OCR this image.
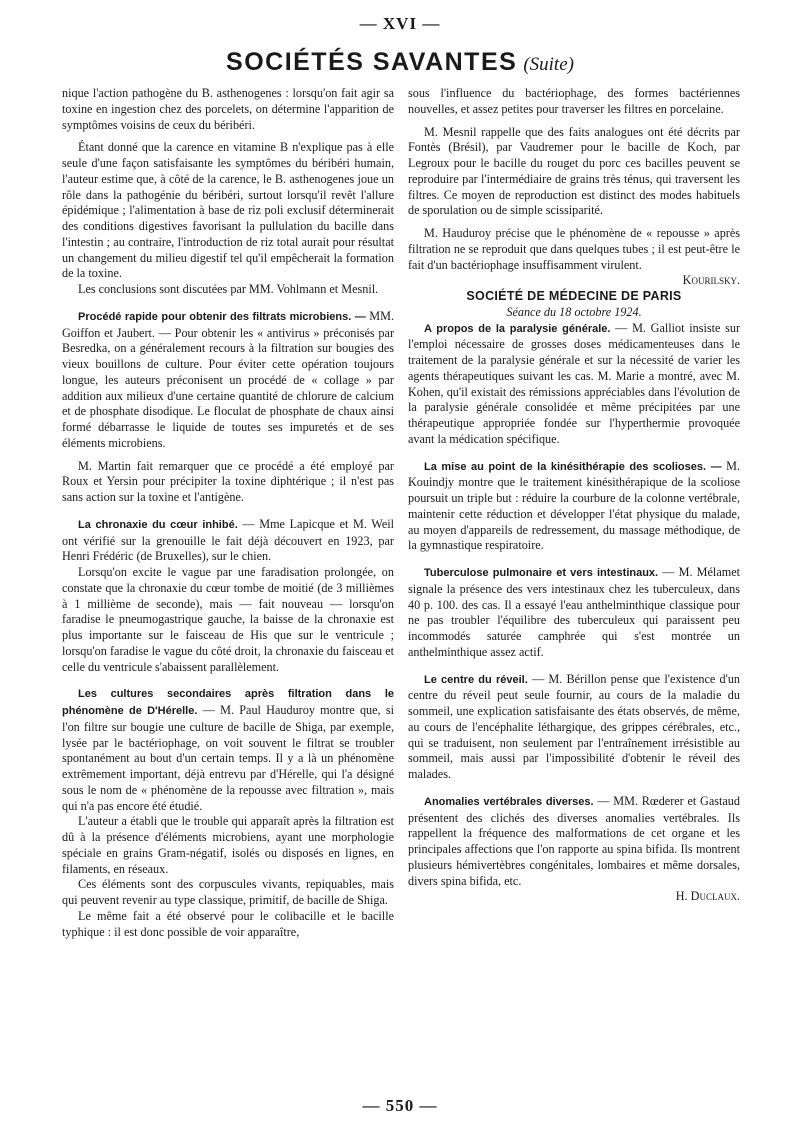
— XVI —
SOCIÉTÉS SAVANTES (Suite)

nique l'action pathogène du B. asthenogenes : lorsqu'on fait agir sa toxine en ingestion chez des porcelets, on détermine l'apparition de symptômes voisins de ceux du béribéri.

Étant donné que la carence en vitamine B n'explique pas à elle seule d'une façon satisfaisante les symptômes du béribéri humain, l'auteur estime que, à côté de la carence, le B. asthenogenes joue un rôle dans la pathogénie du béribéri, surtout lorsqu'il revêt l'allure épidémique ; l'alimentation à base de riz poli exclusif déterminerait des conditions digestives favorisant la pullulation du bacille dans l'intestin ; au contraire, l'introduction de riz total aurait pour résultat un changement du milieu digestif tel qu'il empêcherait la formation de la toxine.

Les conclusions sont discutées par MM. Vohlmann et Mesnil.

Procédé rapide pour obtenir des filtrats microbiens. — MM. Goiffon et Jaubert. — Pour obtenir les « antivirus » préconisés par Besredka, on a généralement recours à la filtration sur bougies des vieux bouillons de culture. Pour éviter cette opération toujours longue, les auteurs préconisent un procédé de « collage » par addition aux milieux d'une certaine quantité de chlorure de calcium et de phosphate disodique. Le floculat de phosphate de chaux ainsi formé débarrasse le liquide de toutes ses impuretés et de ses éléments microbiens.

M. Martin fait remarquer que ce procédé a été employé par Roux et Yersin pour précipiter la toxine diphtérique ; il n'est pas sans action sur la toxine et l'antigène.

La chronaxie du cœur inhibé. — Mme Lapicque et M. Weil ont vérifié sur la grenouille le fait déjà découvert en 1923, par Henri Frédéric (de Bruxelles), sur le chien.

Lorsqu'on excite le vague par une faradisation prolongée, on constate que la chronaxie du cœur tombe de moitié (de 3 millièmes à 1 millième de seconde), mais — fait nouveau — lorsqu'on faradise le pneumogastrique gauche, la baisse de la chronaxie est plus importante sur le faisceau de His que sur le ventricule ; lorsqu'on faradise le vague du côté droit, la chronaxie du faisceau et celle du ventricule s'abaissent parallèlement.

Les cultures secondaires après filtration dans le phénomène de D'Hérelle. — M. Paul Hauduroy montre que, si l'on filtre sur bougie une culture de bacille de Shiga, par exemple, lysée par le bactériophage, on voit souvent le filtrat se troubler spontanément au bout d'un certain temps. Il y a là un phénomène extrêmement important, déjà entrevu par d'Hérelle, qui l'a désigné sous le nom de « phénomène de la repousse avec filtration », mais qui n'a pas encore été étudié.

L'auteur a établi que le trouble qui apparaît après la filtration est dû à la présence d'éléments microbiens, ayant une morphologie spéciale en grains Gram-négatif, isolés ou disposés en lignes, en filaments, en réseaux.

Ces éléments sont des corpuscules vivants, repiquables, mais qui peuvent revenir au type classique, primitif, de bacille de Shiga.

Le même fait a été observé pour le colibacille et le bacille typhique : il est donc possible de voir apparaître,

sous l'influence du bactériophage, des formes bactériennes nouvelles, et assez petites pour traverser les filtres en porcelaine.

M. Mesnil rappelle que des faits analogues ont été décrits par Fontès (Brésil), par Vaudremer pour le bacille de Koch, par Legroux pour le bacille du rouget du porc ces bacilles peuvent se reproduire par l'intermédiaire de grains très ténus, qui traversent les filtres. Ce moyen de reproduction est distinct des modes habituels de sporulation ou de simple scissiparité.

M. Hauduroy précise que le phénomène de « repousse » après filtration ne se reproduit que dans quelques tubes ; il est peut-être le fait d'un bactériophage insuffisamment virulent.

Kourilsky.

SOCIÉTÉ DE MÉDECINE DE PARIS

Séance du 18 octobre 1924.

A propos de la paralysie générale. — M. Galliot insiste sur l'emploi nécessaire de grosses doses médicamenteuses dans le traitement de la paralysie générale et sur la nécessité de varier les agents thérapeutiques suivant les cas. M. Marie a montré, avec M. Kohen, qu'il existait des rémissions appréciables dans l'évolution de la paralysie générale consolidée et même précipitées par une thérapeutique appropriée fondée sur l'hyperthermie provoquée avant la médication spécifique.

La mise au point de la kinésithérapie des scolioses. — M. Kouindjy montre que le traitement kinésithérapique de la scoliose poursuit un triple but : réduire la courbure de la colonne vertébrale, maintenir cette réduction et développer l'état physique du malade, au moyen d'appareils de redressement, du massage méthodique, de la gymnastique respiratoire.

Tuberculose pulmonaire et vers intestinaux. — M. Mélamet signale la présence des vers intestinaux chez les tuberculeux, dans 40 p. 100. des cas. Il a essayé l'eau anthelminthique classique pour ne pas troubler l'équilibre des tuberculeux qui paraissent peu incommodés saturée camphrée qui s'est montrée un anthelminthique assez actif.

Le centre du réveil. — M. Bérillon pense que l'existence d'un centre du réveil peut seule fournir, au cours de la maladie du sommeil, une explication satisfaisante des états observés, de même, au cours de l'encéphalite léthargique, des grippes cérébrales, etc., qui se traduisent, non seulement par l'entraînement irrésistible au sommeil, mais aussi par l'impossibilité d'obtenir le réveil des malades.

Anomalies vertébrales diverses. — MM. Rœderer et Gastaud présentent des clichés des diverses anomalies vertébrales. Ils rappellent la fréquence des malformations de cet organe et les principales affections que l'on rapporte au spina bifida. Ils montrent plusieurs hémivertèbres congénitales, lombaires et même dorsales, divers spina bifida, etc.

H. Duclaux.

— 550 —
